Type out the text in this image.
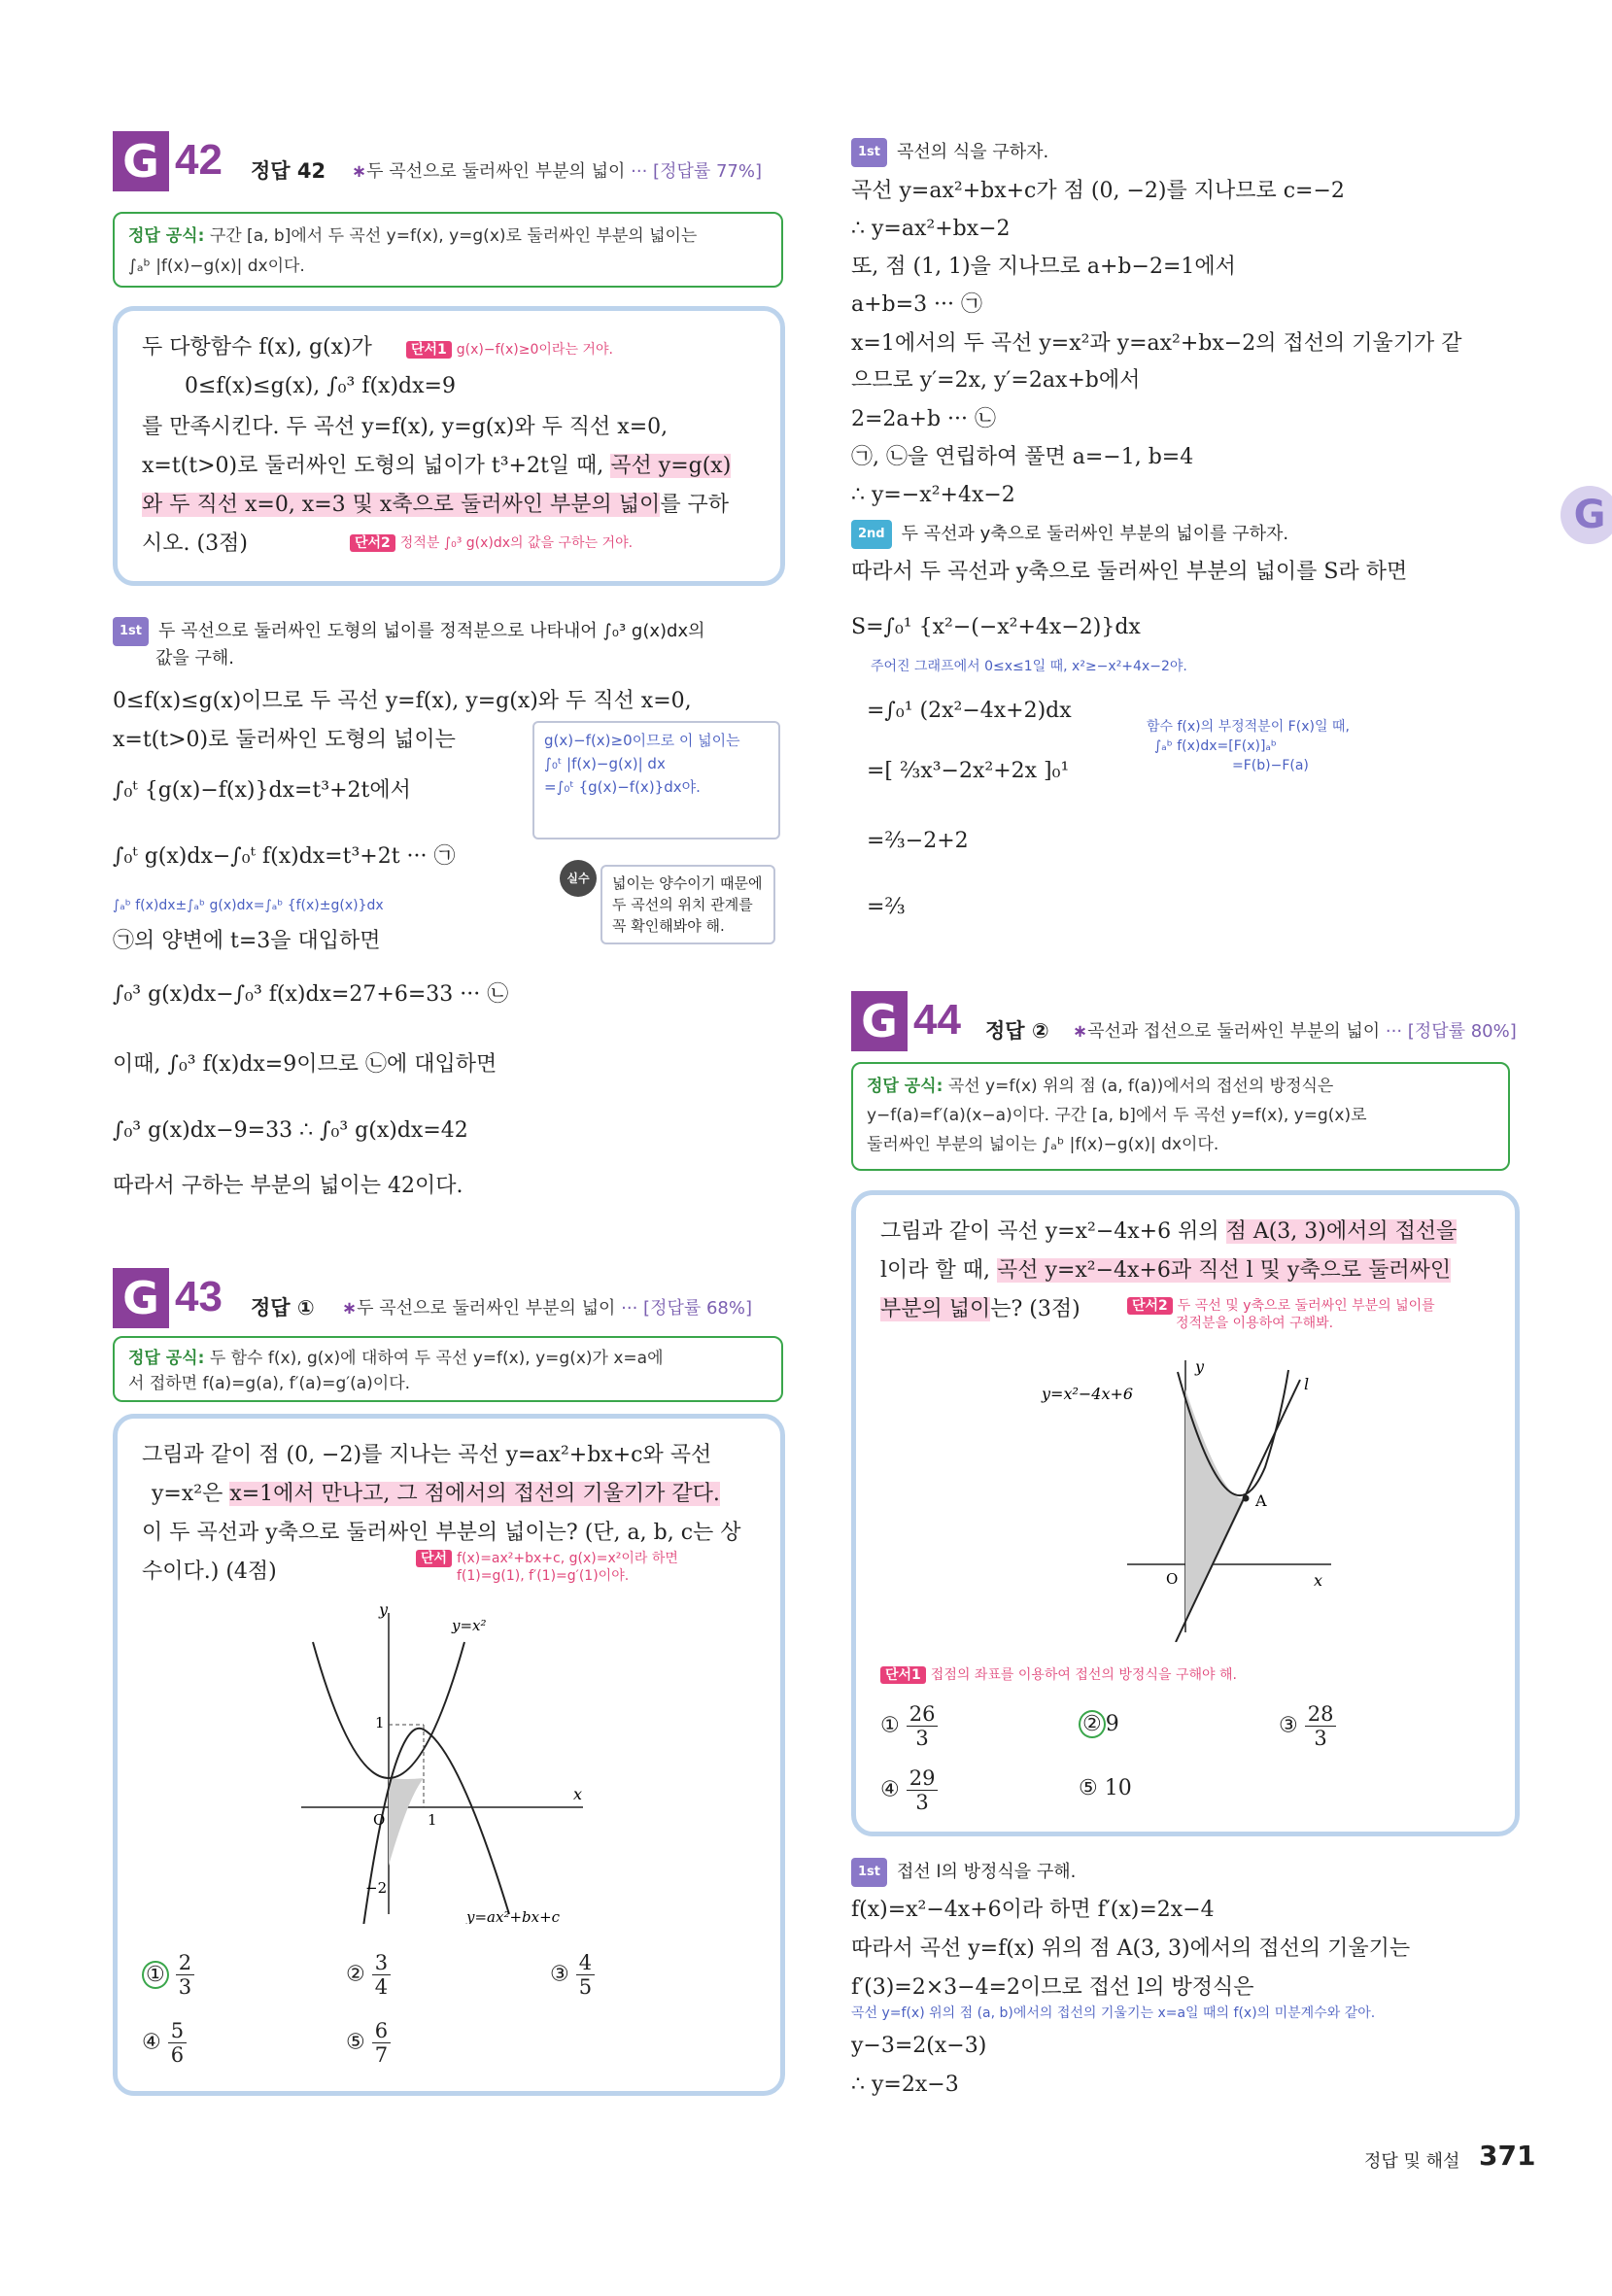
G 42 정답 42 ∗두 곡선으로 둘러싸인 부분의 넓이 ··· [정답률 77%]
정답 공식: 구간 [a, b]에서 두 곡선 y=f(x), y=g(x)로 둘러싸인 부분의 넓이는
∫ₐᵇ |f(x)−g(x)| dx이다.
두 다항함수 f(x), g(x)가	단서1 g(x)−f(x)≥0이라는 거야.
0≤f(x)≤g(x), ∫₀³ f(x)dx=9
를 만족시킨다. 두 곡선 y=f(x), y=g(x)와 두 직선 x=0,
x=t(t>0)로 둘러싸인 도형의 넓이가 t³+2t일 때, 곡선 y=g(x)
와 두 직선 x=0, x=3 및 x축으로 둘러싸인 부분의 넓이를 구하
시오. (3점)	단서2 정적분 ∫₀³ g(x)dx의 값을 구하는 거야.
1st 두 곡선으로 둘러싸인 도형의 넓이를 정적분으로 나타내어 ∫₀³ g(x)dx의
값을 구해.
0≤f(x)≤g(x)이므로 두 곡선 y=f(x), y=g(x)와 두 직선 x=0,
x=t(t>0)로 둘러싸인 도형의 넓이는
∫₀ᵗ {g(x)−f(x)}dx=t³+2t에서
∫₀ᵗ g(x)dx−∫₀ᵗ f(x)dx=t³+2t ··· ㉠
∫ₐᵇ f(x)dx±∫ₐᵇ g(x)dx=∫ₐᵇ {f(x)±g(x)}dx
㉠의 양변에 t=3을 대입하면
∫₀³ g(x)dx−∫₀³ f(x)dx=27+6=33 ··· ㉡
이때, ∫₀³ f(x)dx=9이므로 ㉡에 대입하면
∫₀³ g(x)dx−9=33 ∴ ∫₀³ g(x)dx=42
따라서 구하는 부분의 넓이는 42이다.
g(x)−f(x)≥0이므로 이 넓이는
∫₀ᵗ |f(x)−g(x)| dx
=∫₀ᵗ {g(x)−f(x)}dx야.
실수	넓이는 양수이기 때문에 두 곡선의 위치 관계를 꼭 확인해봐야 해.
G 43 정답 ① ∗두 곡선으로 둘러싸인 부분의 넓이 ··· [정답률 68%]
정답 공식: 두 함수 f(x), g(x)에 대하여 두 곡선 y=f(x), y=g(x)가 x=a에
서 접하면 f(a)=g(a), f′(a)=g′(a)이다.
그림과 같이 점 (0, −2)를 지나는 곡선 y=ax²+bx+c와 곡선
y=x²은 x=1에서 만나고, 그 점에서의 접선의 기울기가 같다.
이 두 곡선과 y축으로 둘러싸인 부분의 넓이는? (단, a, b, c는 상
수이다.) (4점)
단서 f(x)=ax²+bx+c, g(x)=x²이라 하면
f(1)=g(1), f′(1)=g′(1)이야.
y
x
O	1
1
−2
y=x²
y=ax²+bx+c
① $\frac{2}{3}$	② $\frac{3}{4}$	③ $\frac{4}{5}$
④ $\frac{5}{6}$	⑤ $\frac{6}{7}$
1st 곡선의 식을 구하자.
곡선 y=ax²+bx+c가 점 (0, −2)를 지나므로 c=−2
∴ y=ax²+bx−2
또, 점 (1, 1)을 지나므로 a+b−2=1에서
a+b=3 ··· ㉠
x=1에서의 두 곡선 y=x²과 y=ax²+bx−2의 접선의 기울기가 같
으므로 y′=2x, y′=2ax+b에서
2=2a+b ··· ㉡
㉠, ㉡을 연립하여 풀면 a=−1, b=4
∴ y=−x²+4x−2
2nd 두 곡선과 y축으로 둘러싸인 부분의 넓이를 구하자.
따라서 두 곡선과 y축으로 둘러싸인 부분의 넓이를 S라 하면
S=∫₀¹ {x²−(−x²+4x−2)}dx
주어진 그래프에서 0≤x≤1일 때, x²≥−x²+4x−2야.
=∫₀¹ (2x²−4x+2)dx
함수 f(x)의 부정적분이 F(x)일 때,
∫ₐᵇ f(x)dx=[F(x)]ₐᵇ
=F(b)−F(a)
=[ ⅔x³−2x²+2x ]₀¹
=⅔−2+2
=⅔
G 44 정답 ② ∗곡선과 접선으로 둘러싸인 부분의 넓이 ··· [정답률 80%]
정답 공식: 곡선 y=f(x) 위의 점 (a, f(a))에서의 접선의 방정식은
y−f(a)=f′(a)(x−a)이다. 구간 [a, b]에서 두 곡선 y=f(x), y=g(x)로
둘러싸인 부분의 넓이는 ∫ₐᵇ |f(x)−g(x)| dx이다.
그림과 같이 곡선 y=x²−4x+6 위의 점 A(3, 3)에서의 접선을
l이라 할 때, 곡선 y=x²−4x+6과 직선 l 및 y축으로 둘러싸인
부분의 넓이는? (3점)	단서2 두 곡선 및 y축으로 둘러싸인 부분의 넓이를
정적분을 이용하여 구해봐.
y
x
O
A
y=x²−4x+6
l
단서1 접점의 좌표를 이용하여 접선의 방정식을 구해야 해.
① $\frac{26}{3}$	② 9	③ $\frac{28}{3}$
④ $\frac{29}{3}$	⑤ 10
1st 접선 l의 방정식을 구해.
f(x)=x²−4x+6이라 하면 f′(x)=2x−4
따라서 곡선 y=f(x) 위의 점 A(3, 3)에서의 접선의 기울기는
f′(3)=2×3−4=2이므로 접선 l의 방정식은
곡선 y=f(x) 위의 점 (a, b)에서의 접선의 기울기는 x=a일 때의 f(x)의 미분계수와 같아.
y−3=2(x−3)
∴ y=2x−3
G
정답 및 해설 371
